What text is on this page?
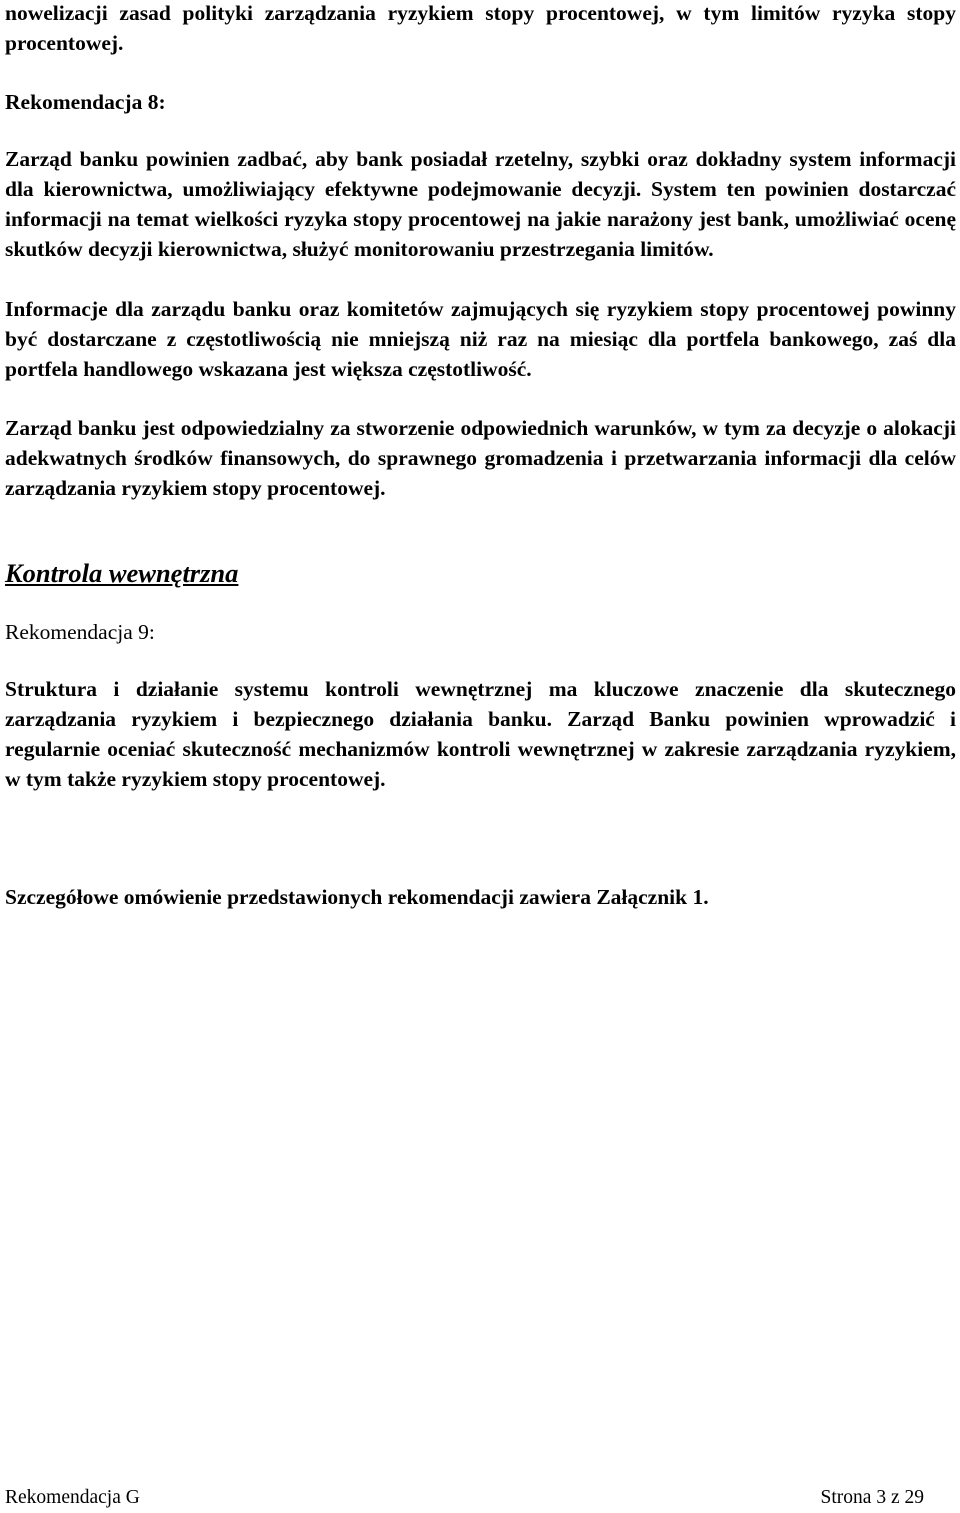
nowelizacji zasad polityki zarządzania ryzykiem stopy procentowej, w tym limitów ryzyka stopy procentowej.

Rekomendacja 8:

Zarząd banku powinien zadbać, aby bank posiadał rzetelny, szybki oraz dokładny system informacji dla kierownictwa, umożliwiający efektywne podejmowanie decyzji. System ten powinien dostarczać informacji na temat wielkości ryzyka stopy procentowej na jakie narażony jest bank, umożliwiać ocenę skutków decyzji kierownictwa, służyć monitorowaniu przestrzegania limitów.

Informacje dla zarządu banku oraz komitetów zajmujących się ryzykiem stopy procentowej powinny być dostarczane z częstotliwością nie mniejszą niż raz na miesiąc dla portfela bankowego, zaś dla portfela handlowego wskazana jest większa częstotliwość.

Zarząd banku jest odpowiedzialny za stworzenie odpowiednich warunków, w tym za decyzje o alokacji adekwatnych środków finansowych, do sprawnego gromadzenia i przetwarzania informacji dla celów zarządzania ryzykiem stopy procentowej.

Kontrola wewnętrzna

Rekomendacja 9:

Struktura i działanie systemu kontroli wewnętrznej ma kluczowe znaczenie dla skutecznego zarządzania ryzykiem i bezpiecznego działania banku. Zarząd Banku powinien wprowadzić i regularnie oceniać skuteczność mechanizmów kontroli wewnętrznej w zakresie zarządzania ryzykiem, w tym także ryzykiem stopy procentowej.

Szczegółowe omówienie przedstawionych rekomendacji zawiera Załącznik 1.

Rekomendacja G	Strona 3 z 29
